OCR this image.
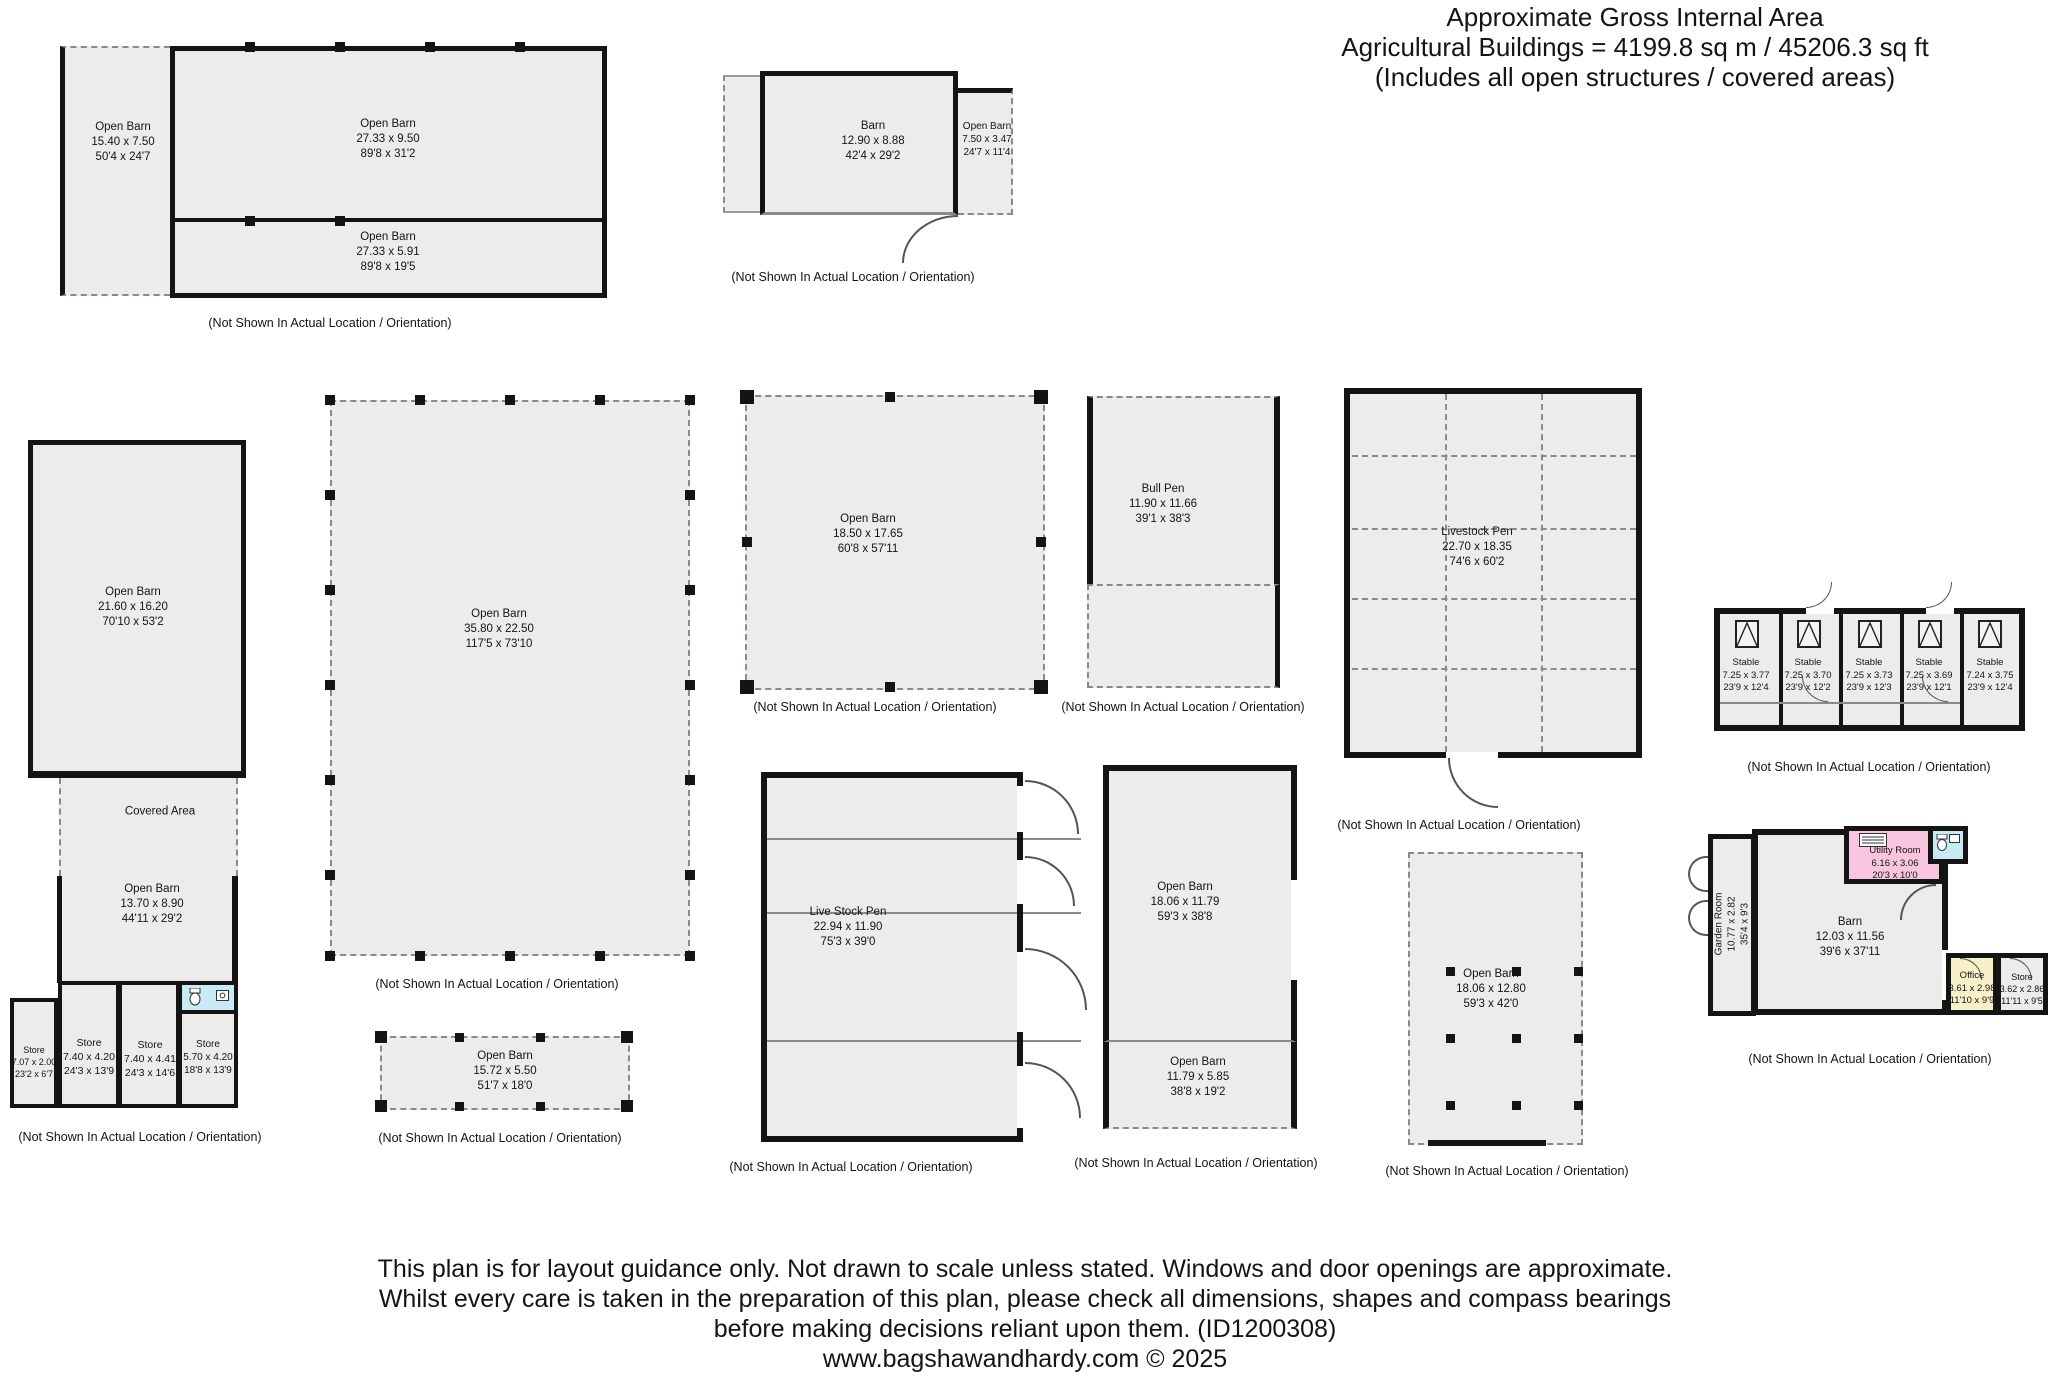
Approximate Gross Internal Area
Agricultural Buildings = 4199.8 sq m / 45206.3 sq ft
(Includes all open structures / covered areas)
Open Barn
15.40 x 7.50
50'4 x 24'7
Open Barn
27.33 x 9.50
89'8 x 31'2
Open Barn
27.33 x 5.91
89'8 x 19'5
(Not Shown In Actual Location / Orientation)
Barn
12.90 x 8.88
42'4 x 29'2
Open Barn
7.50 x 3.47
24'7 x 11'4
(Not Shown In Actual Location / Orientation)
Open Barn
21.60 x 16.20
70'10 x 53'2
Covered Area
Open Barn
13.70 x 8.90
44'11 x 29'2
Store
7.07 x 2.00
23'2 x 6'7
Store
7.40 x 4.20
24'3 x 13'9
Store
7.40 x 4.41
24'3 x 14'6
Store
5.70 x 4.20
18'8 x 13'9
(Not Shown In Actual Location / Orientation)
Open Barn
35.80 x 22.50
117'5 x 73'10
(Not Shown In Actual Location / Orientation)
Open Barn
18.50 x 17.65
60'8 x 57'11
(Not Shown In Actual Location / Orientation)
Bull Pen
11.90 x 11.66
39'1 x 38'3
(Not Shown In Actual Location / Orientation)
Livestock Pen
22.70 x 18.35
74'6 x 60'2
(Not Shown In Actual Location / Orientation)
Stable
7.25 x 3.77
23'9 x 12'4
Stable
7.25 x 3.70
23'9 x 12'2
Stable
7.25 x 3.73
23'9 x 12'3
Stable
7.25 x 3.69
23'9 x 12'1
Stable
7.24 x 3.75
23'9 x 12'4
(Not Shown In Actual Location / Orientation)
Open Barn
15.72 x 5.50
51'7 x 18'0
(Not Shown In Actual Location / Orientation)
Live Stock Pen
22.94 x 11.90
75'3 x 39'0
(Not Shown In Actual Location / Orientation)
Open Barn
18.06 x 11.79
59'3 x 38'8
Open Barn
11.79 x 5.85
38'8 x 19'2
(Not Shown In Actual Location / Orientation)
Open Barn
18.06 x 12.80
59'3 x 42'0
(Not Shown In Actual Location / Orientation)
Garden Room 10.77 x 2.82 35'4 x 9'3	Barn
12.03 x 11.56
39'6 x 37'11
Utility Room
6.16 x 3.06
20'3 x 10'0
Office
3.61 x 2.98
11'10 x 9'9
Store
3.62 x 2.86
11'11 x 9'5
(Not Shown In Actual Location / Orientation)
This plan is for layout guidance only. Not drawn to scale unless stated. Windows and door openings are approximate.
Whilst every care is taken in the preparation of this plan, please check all dimensions, shapes and compass bearings
before making decisions reliant upon them. (ID1200308)
www.bagshawandhardy.com © 2025
